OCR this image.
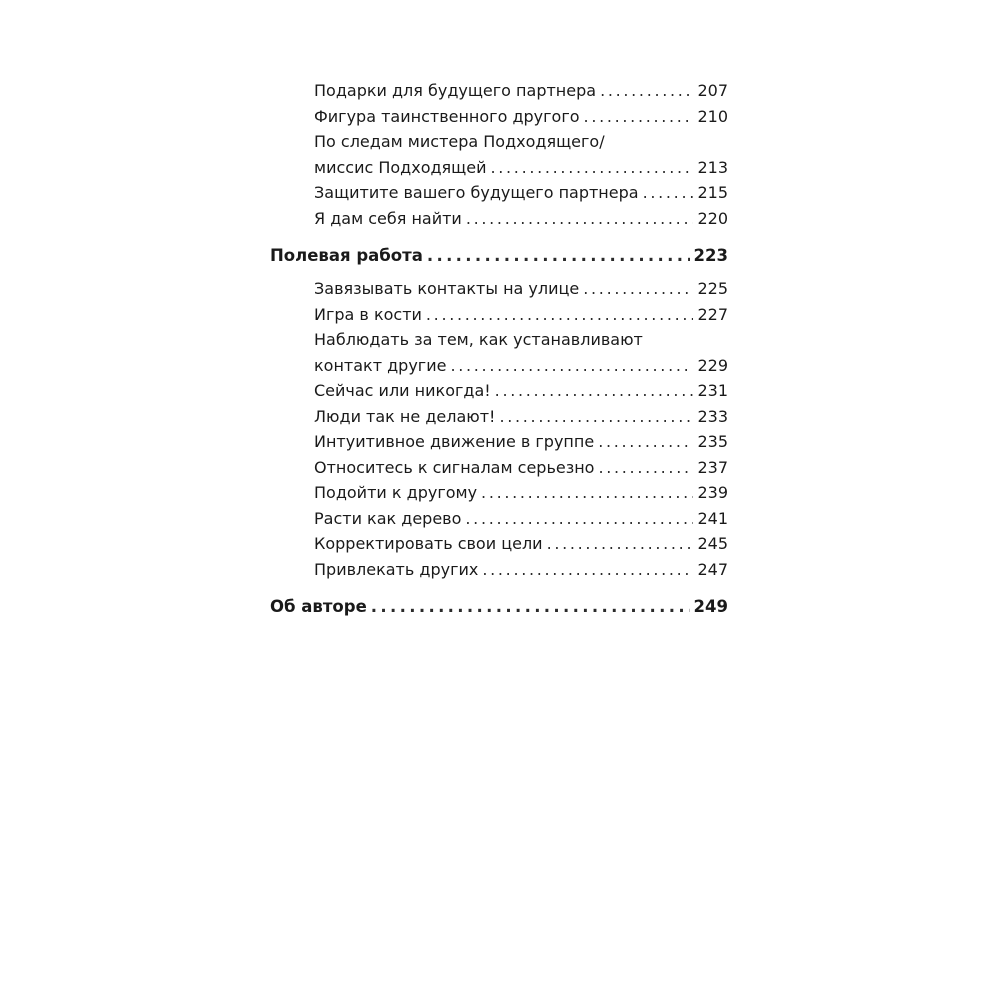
Подарки для будущего партнера . . .	207
Фигура таинственного другого . . .	210
По следам мистера Подходящего/
миссис Подходящей . . .	213
Защитите вашего будущего партнера . . .	215
Я дам себя найти . . .	220
Полевая работа . . .	223
Завязывать контакты на улице . . .	225
Игра в кости . . .	227
Наблюдать за тем, как устанавливают
контакт другие . . .	229
Сейчас или никогда! . . .	231
Люди так не делают! . . .	233
Интуитивное движение в группе . . .	235
Относитесь к сигналам серьезно . . .	237
Подойти к другому . . .	239
Расти как дерево . . .	241
Корректировать свои цели . . .	245
Привлекать других . . .	247
Об авторе . . .	249
